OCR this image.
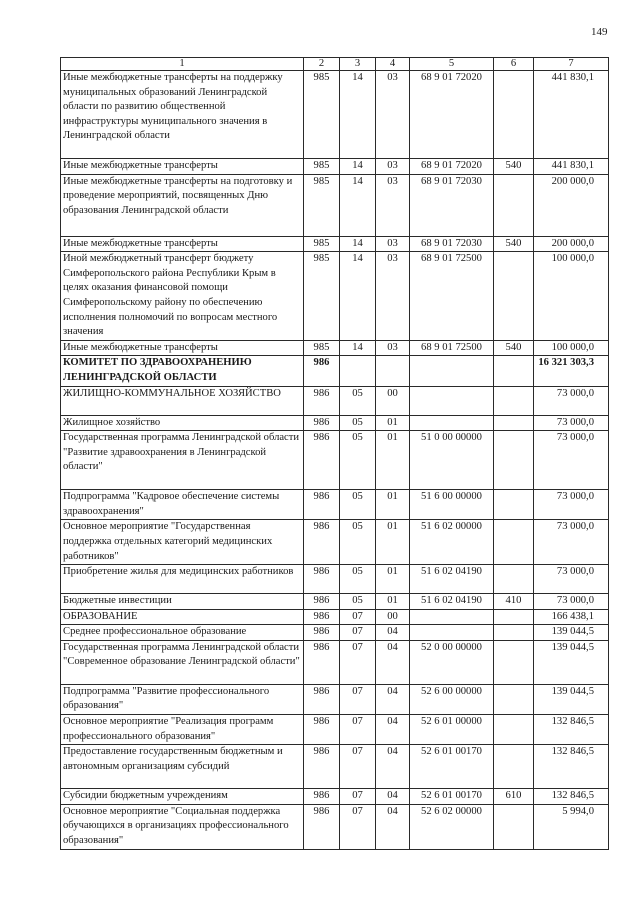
149
1	2	3	4	5	6	7
Иные межбюджетные трансферты на поддержку муниципальных образований Ленинградской области по развитию общественной инфраструктуры муниципального значения в Ленинградской области	985	14	03	68 9 01 72020		441 830,1
Иные межбюджетные трансферты	985	14	03	68 9 01 72020	540	441 830,1
Иные межбюджетные трансферты на подготовку и проведение мероприятий, посвященных Дню образования Ленинградской области	985	14	03	68 9 01 72030		200 000,0
Иные межбюджетные трансферты	985	14	03	68 9 01 72030	540	200 000,0
Иной межбюджетный трансферт бюджету Симферопольского района Республики Крым в целях оказания финансовой помощи Симферопольскому району по обеспечению исполнения полномочий по вопросам местного значения	985	14	03	68 9 01 72500		100 000,0
Иные межбюджетные трансферты	985	14	03	68 9 01 72500	540	100 000,0
КОМИТЕТ ПО ЗДРАВООХРАНЕНИЮ ЛЕНИНГРАДСКОЙ ОБЛАСТИ	986					16 321 303,3
ЖИЛИЩНО-КОММУНАЛЬНОЕ ХОЗЯЙСТВО	986	05	00			73 000,0
Жилищное хозяйство	986	05	01			73 000,0
Государственная программа Ленинградской области "Развитие здравоохранения в Ленинградской области"	986	05	01	51 0 00 00000		73 000,0
Подпрограмма "Кадровое обеспечение системы здравоохранения"	986	05	01	51 6 00 00000		73 000,0
Основное мероприятие "Государственная поддержка отдельных категорий медицинских работников"	986	05	01	51 6 02 00000		73 000,0
Приобретение жилья для медицинских работников	986	05	01	51 6 02 04190		73 000,0
Бюджетные инвестиции	986	05	01	51 6 02 04190	410	73 000,0
ОБРАЗОВАНИЕ	986	07	00			166 438,1
Среднее профессиональное образование	986	07	04			139 044,5
Государственная программа Ленинградской области "Современное образование Ленинградской области"	986	07	04	52 0 00 00000		139 044,5
Подпрограмма "Развитие профессионального образования"	986	07	04	52 6 00 00000		139 044,5
Основное мероприятие "Реализация программ профессионального образования"	986	07	04	52 6 01 00000		132 846,5
Предоставление государственным бюджетным и автономным организациям субсидий	986	07	04	52 6 01 00170		132 846,5
Субсидии бюджетным учреждениям	986	07	04	52 6 01 00170	610	132 846,5
Основное мероприятие "Социальная поддержка обучающихся в организациях профессионального образования"	986	07	04	52 6 02 00000		5 994,0
